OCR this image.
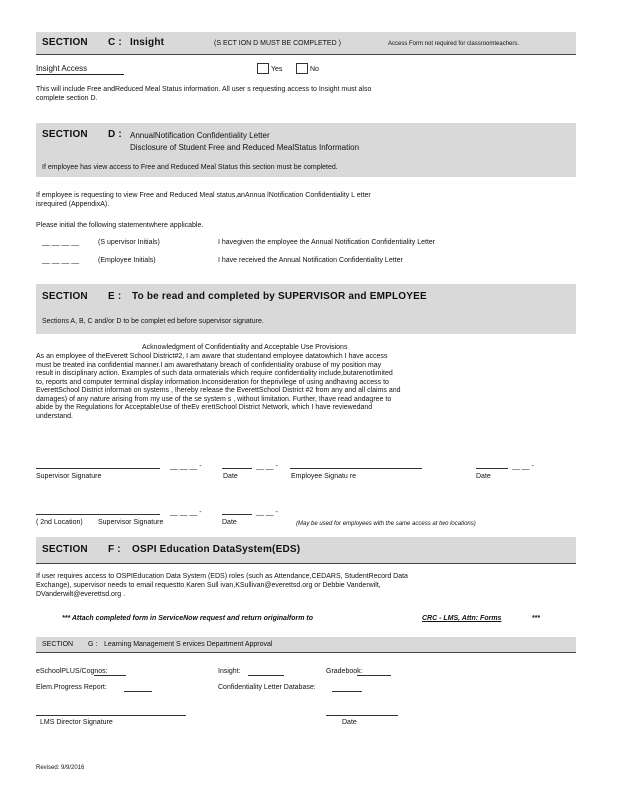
SECTION C : Insight	(S ECT ION D MUST BE COMPLETED )	Access Form not required for classroomteachers.
Insight Access	Yes	No
This will include Free andReduced Meal Status information. All user s requesting access to Insight must also
complete section D.
SECTION D : AnnualNotification Confidentiality Letter
Disclosure of Student Free and Reduced MealStatus Information
If employee has view access to Free and Reduced Meal Status this section must be completed.
If employee is requesting to view Free and Reduced Meal status,anAnnua lNotification Confidentiality L etter
isrequired (AppendixA).
Please initial the following statementwhere applicable.
__ __ __ __	(S upervisor Initials)	I havegiven the employee the Annual Notification Confidentiality Letter
__ __ __ __	(Employee Initials)	I have received the Annual Notification Confidentiality Letter
SECTION E : To be read and completed by SUPERVISOR and EMPLOYEE
Sections A, B, C and/or D to be complet ed before supervisor signature.
Acknowledgment of Confidentiality and Acceptable Use Provisions
As an employee of theEverett School District#2, I am aware that studentand employee datatowhich I have access
must be treated ina confidential manner.I am awarethatany breach of confidentiality orabuse of my position may
result in disciplinary action. Examples of such data ormaterials which require confidentiality include,butarenotlimited
to, reports and computer terminal display information.Inconsideration for theprivilege of using andhaving access to
EverettSchool District informati on systems , Ihereby release the EverettSchool District #2 from any and all claims and
damages) of any nature arising from my use of the se system s , without limitation. Further, Ihave read andagree to
abide by the Regulations for AcceptableUse of theEv erettSchool District Network, which I have reviewedand
understand.
__ __ __ -	__ __ -	__ __ -
Supervisor Signature	Date	Employee Signatu re	Date
__ __ __ -	__ __ -
( 2nd Location) Supervisor Signature	Date	(May be used for employees with the same access at two locations)
SECTION F : OSPI Education DataSystem(EDS)
If user requires access to OSPIEducation Data System (EDS) roles (such as Attendance,CEDARS, StudentRecord Data
Exchange), supervisor needs to email requestto Karen Sull ivan,KSullivan@everettsd.org or Debbie Vanderwilt,
DVanderwilt@everettsd.org .
*** Attach completed form in ServiceNow request and return originalform to	CRC - LMS, Attn: Forms	***
SECTION G : Learning Management S ervices Department Approval
eSchoolPLUS/Cognos:	Insight:	Gradebook:
Elem.Progress Report:	Confidentiality Letter Database:
LMS Director Signature	Date
Revised: 9/9/2016
